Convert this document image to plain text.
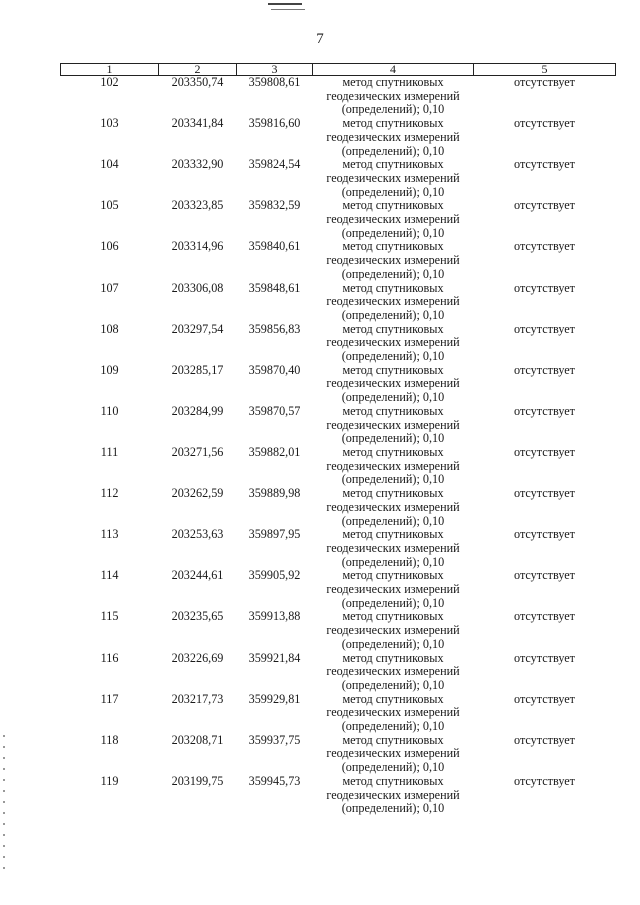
7
1	2	3	4	5
102	203350,74	359808,61	метод спутниковых
геодезических измерений
(определений); 0,10	отсутствует
103	203341,84	359816,60	метод спутниковых
геодезических измерений
(определений); 0,10	отсутствует
104	203332,90	359824,54	метод спутниковых
геодезических измерений
(определений); 0,10	отсутствует
105	203323,85	359832,59	метод спутниковых
геодезических измерений
(определений); 0,10	отсутствует
106	203314,96	359840,61	метод спутниковых
геодезических измерений
(определений); 0,10	отсутствует
107	203306,08	359848,61	метод спутниковых
геодезических измерений
(определений); 0,10	отсутствует
108	203297,54	359856,83	метод спутниковых
геодезических измерений
(определений); 0,10	отсутствует
109	203285,17	359870,40	метод спутниковых
геодезических измерений
(определений); 0,10	отсутствует
110	203284,99	359870,57	метод спутниковых
геодезических измерений
(определений); 0,10	отсутствует
111	203271,56	359882,01	метод спутниковых
геодезических измерений
(определений); 0,10	отсутствует
112	203262,59	359889,98	метод спутниковых
геодезических измерений
(определений); 0,10	отсутствует
113	203253,63	359897,95	метод спутниковых
геодезических измерений
(определений); 0,10	отсутствует
114	203244,61	359905,92	метод спутниковых
геодезических измерений
(определений); 0,10	отсутствует
115	203235,65	359913,88	метод спутниковых
геодезических измерений
(определений); 0,10	отсутствует
116	203226,69	359921,84	метод спутниковых
геодезических измерений
(определений); 0,10	отсутствует
117	203217,73	359929,81	метод спутниковых
геодезических измерений
(определений); 0,10	отсутствует
118	203208,71	359937,75	метод спутниковых
геодезических измерений
(определений); 0,10	отсутствует
119	203199,75	359945,73	метод спутниковых
геодезических измерений
(определений); 0,10	отсутствует
